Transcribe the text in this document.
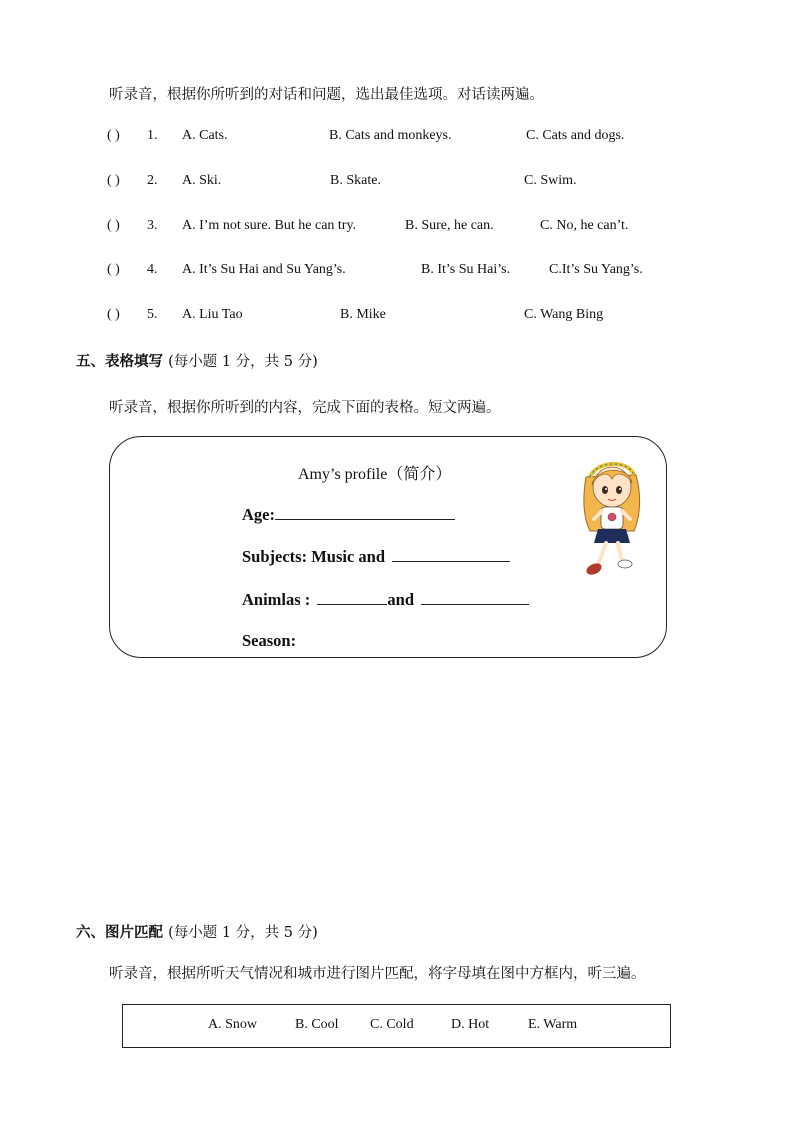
听录音，根据你所听到的对话和问题，选出最佳选项。对话读两遍。
( ) 1. A. Cats.	B. Cats and monkeys.	C. Cats and dogs.
( ) 2. A. Ski.	B. Skate.	C. Swim.
( ) 3. A. I’m not sure. But he can try.	B. Sure, he can.	C. No, he can’t.
( ) 4. A. It’s Su Hai and Su Yang’s.	B. It’s Su Hai’s.	C.It’s Su Yang’s.
( ) 5. A. Liu Tao	B. Mike	C. Wang Bing
五、表格填写 (每小题 1 分，共 5 分)
听录音，根据你所听到的内容，完成下面的表格。短文两遍。
Amy’s profile（简介）
Age:
Subjects: Music and
Animlas :	and
Season:
六、图片匹配 (每小题 1 分，共 5 分)
听录音，根据所听天气情况和城市进行图片匹配，将字母填在图中方框内，听三遍。
A. Snow	B. Cool C. Cold	D. Hot	E. Warm
